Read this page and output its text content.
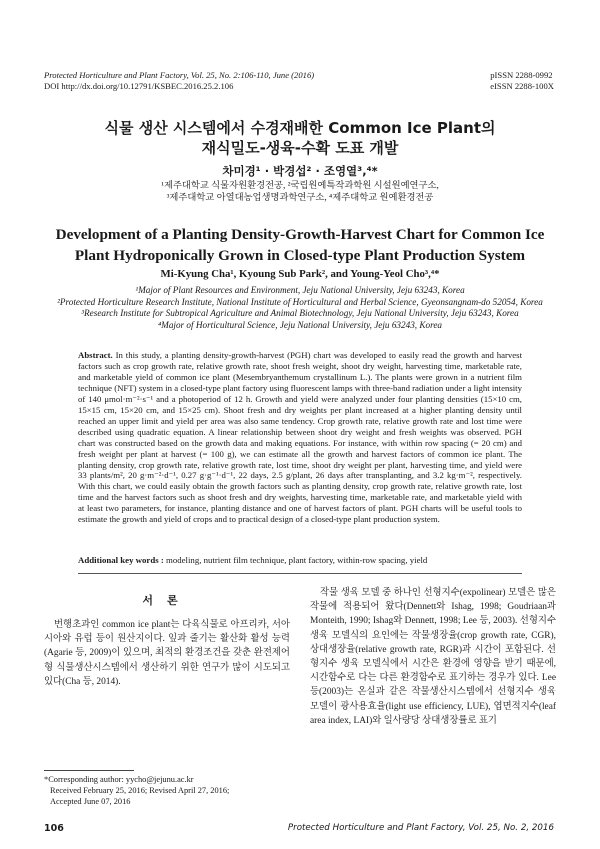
Protected Horticulture and Plant Factory, Vol. 25, No. 2:106-110, June (2016)
DOI http://dx.doi.org/10.12791/KSBEC.2016.25.2.106
pISSN 2288-0992
eISSN 2288-100X
식물 생산 시스템에서 수경재배한 Common Ice Plant의
재식밀도-생육-수확 도표 개발
차미경¹ · 박경섭² · 조영열³,⁴*
¹제주대학교 식물자원환경전공, ²국립원예특작과학원 시설원예연구소,
³제주대학교 아열대농업생명과학연구소, ⁴제주대학교 원예환경전공
Development of a Planting Density-Growth-Harvest Chart for Common Ice
Plant Hydroponically Grown in Closed-type Plant Production System
Mi-Kyung Cha¹, Kyoung Sub Park², and Young-Yeol Cho³,⁴*
¹Major of Plant Resources and Environment, Jeju National University, Jeju 63243, Korea
²Protected Horticulture Research Institute, National Institute of Horticultural and Herbal Science, Gyeonsangnam-do 52054, Korea
³Research Institute for Subtropical Agriculture and Animal Biotechnology, Jeju National University, Jeju 63243, Korea
⁴Major of Horticultural Science, Jeju National University, Jeju 63243, Korea
Abstract. In this study, a planting density-growth-harvest (PGH) chart was developed to easily read the growth and harvest factors such as crop growth rate, relative growth rate, shoot fresh weight, shoot dry weight, harvesting time, marketable rate, and marketable yield of common ice plant (Mesembryanthemum crystallinum L.). The plants were grown in a nutrient film technique (NFT) system in a closed-type plant factory using fluorescent lamps with three-band radiation under a light intensity of 140 μmol·m⁻²·s⁻¹ and a photoperiod of 12 h. Growth and yield were analyzed under four planting densities (15×10 cm, 15×15 cm, 15×20 cm, and 15×25 cm). Shoot fresh and dry weights per plant increased at a higher planting density until reached an upper limit and yield per area was also same tendency. Crop growth rate, relative growth rate and lost time were described using quadratic equation. A linear relationship between shoot dry weight and fresh weights was observed. PGH chart was constructed based on the growth data and making equations. For instance, with within row spacing (= 20 cm) and fresh weight per plant at harvest (= 100 g), we can estimate all the growth and harvest factors of common ice plant. The planting density, crop growth rate, relative growth rate, lost time, shoot dry weight per plant, harvesting time, and yield were 33 plants/m², 20 g·m⁻²·d⁻¹, 0.27 g·g⁻¹·d⁻¹, 22 days, 2.5 g/plant, 26 days after transplanting, and 3.2 kg·m⁻², respectively. With this chart, we could easily obtain the growth factors such as planting density, crop growth rate, relative growth rate, lost time and the harvest factors such as shoot fresh and dry weights, harvesting time, marketable rate, and marketable yield with at least two parameters, for instance, planting distance and one of harvest factors of plant. PGH charts will be useful tools to estimate the growth and yield of crops and to practical design of a closed-type plant production system.
Additional key words : modeling, nutrient film technique, plant factory, within-row spacing, yield
서론
번행초과인 common ice plant는 다육식물로 아프리카, 서아시아와 유럽 등이 원산지이다. 잎과 줄기는 활산화 활성 능력(Agarie 등, 2009)이 있으며, 최적의 환경조건을 갖춘 완전제어형 식물생산시스템에서 생산하기 위한 연구가 많이 시도되고 있다(Cha 등, 2014).
작물 생육 모델 중 하나인 선형지수(expolinear) 모델은 많은 작물에 적용되어 왔다(Dennett와 Ishag, 1998; Goudriaan과 Monteith, 1990; Ishag와 Dennett, 1998; Lee 등, 2003). 선형지수 생육 모델식의 요인에는 작물생장율(crop growth rate, CGR), 상대생장율(relative growth rate, RGR)과 시간이 포함된다. 선형지수 생육 모델식에서 시간은 환경에 영향을 받기 때문에, 시간함수로 다는 다른 환경함수로 표기하는 경우가 있다. Lee 등(2003)는 온실과 같은 작물생산시스템에서 선형지수 생육 모델이 광사용효율(light use efficiency, LUE), 엽면적지수(leaf area index, LAI)와 일사량당 상대생장률로 표기
*Corresponding author: yycho@jejunu.ac.kr
Received February 25, 2016; Revised April 27, 2016;
Accepted June 07, 2016
106	Protected Horticulture and Plant Factory, Vol. 25, No. 2, 2016
